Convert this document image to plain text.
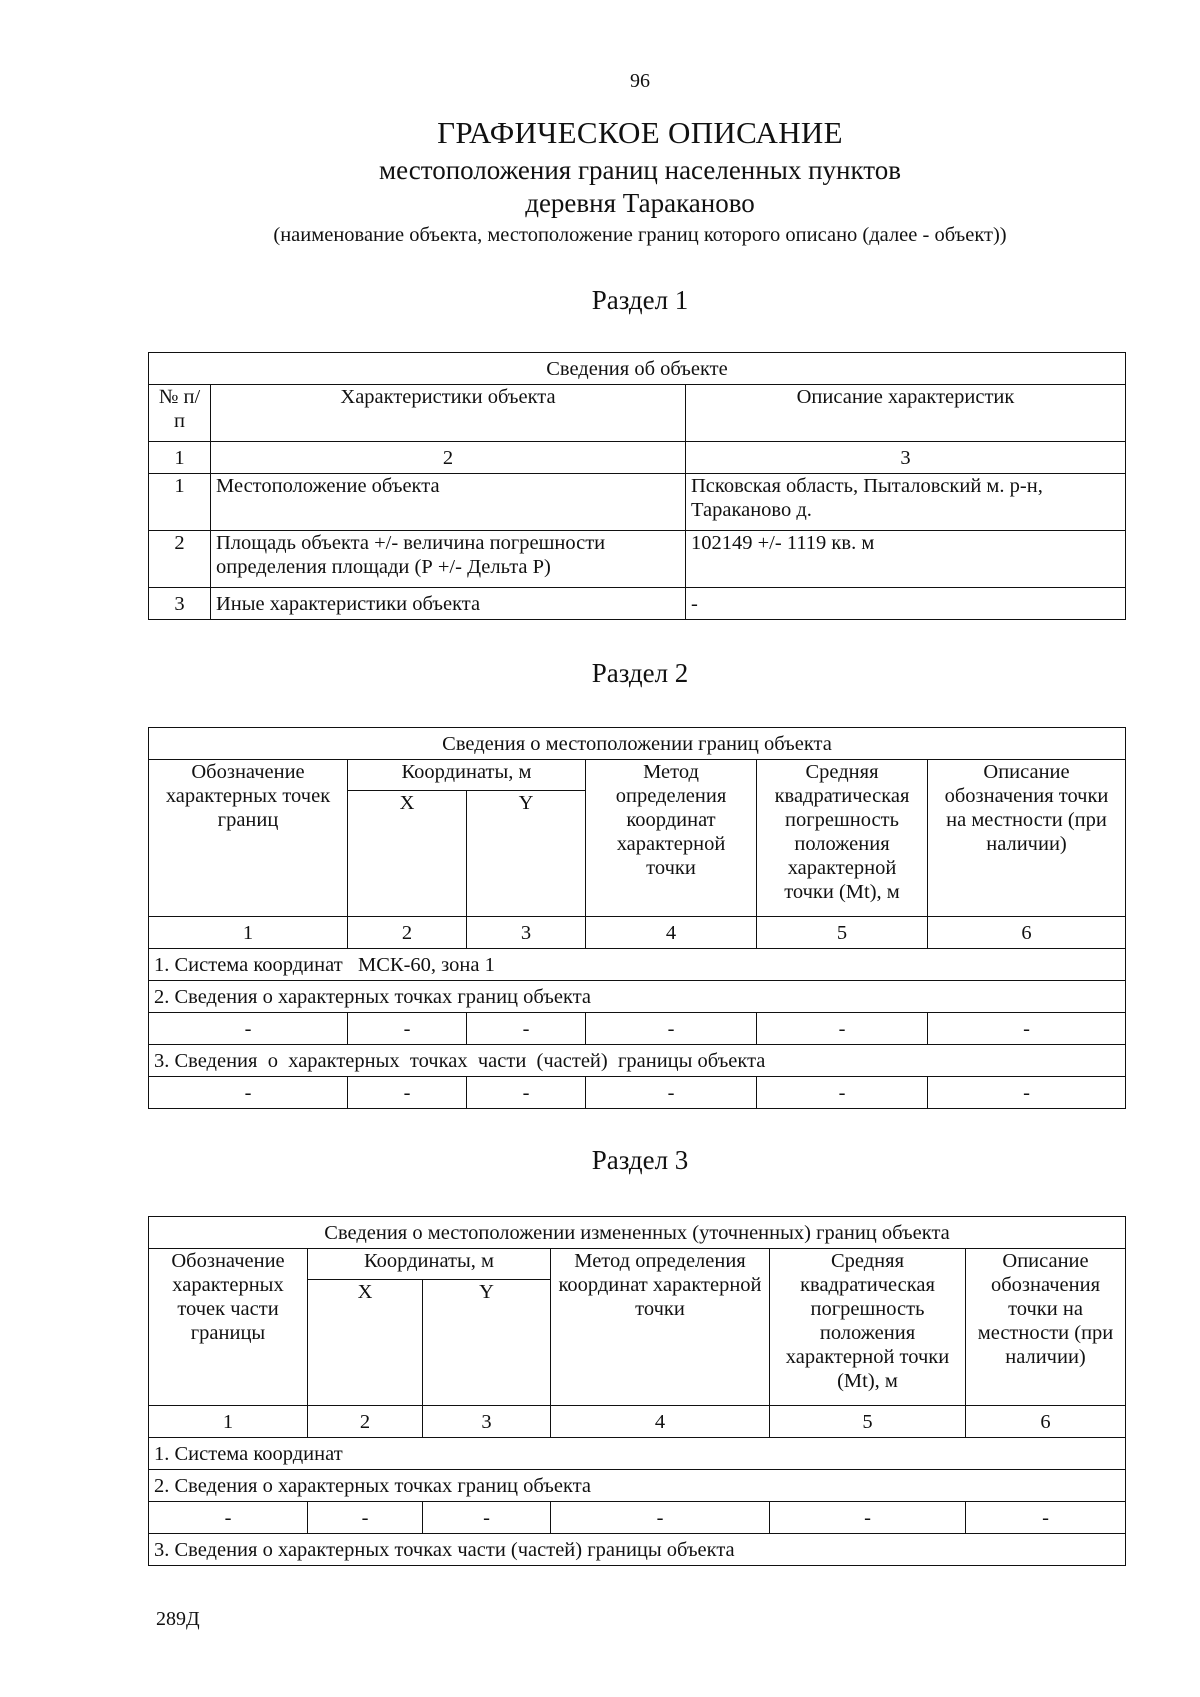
96
ГРАФИЧЕСКОЕ ОПИСАНИЕ
местоположения границ населенных пунктов
деревня Тараканово
(наименование объекта, местоположение границ которого описано (далее - объект))
Раздел 1
Сведения об объекте		
№ п/п	Характеристики объекта	Описание характеристик
1	2	3
1	Местоположение объекта	Псковская область, Пыталовский м. р-н, Тараканово д.
2	Площадь объекта +/- величина погрешности определения площади (Р +/- Дельта Р)	102149 +/- 1119 кв. м
3	Иные характеристики объекта	-
Раздел 2
Сведения о местоположении границ объекта					
Обозначение характерных точек границ	Координаты, м		Метод определения координат характерной точки	Средняя квадратическая погрешность положения характерной точки (Mt), м	Описание обозначения точки на местности (при наличии)
	X	Y			
1	2	3	4	5	6
1. Система координат   МСК-60, зона 1					
2. Сведения о характерных точках границ объекта					
-	-	-	-	-	-
3. Сведения  о  характерных  точках  части  (частей)  границы объекта					
-	-	-	-	-	-
Раздел 3
Сведения о местоположении измененных (уточненных) границ объекта					
Обозначение характерных точек части границы	Координаты, м		Метод определения координат характерной точки	Средняя квадратическая погрешность положения характерной точки (Mt), м	Описание обозначения точки на местности (при наличии)
	X	Y			
1	2	3	4	5	6
1. Система координат					
2. Сведения о характерных точках границ объекта					
-	-	-	-	-	-
3. Сведения о характерных точках части (частей) границы объекта					
289Д
